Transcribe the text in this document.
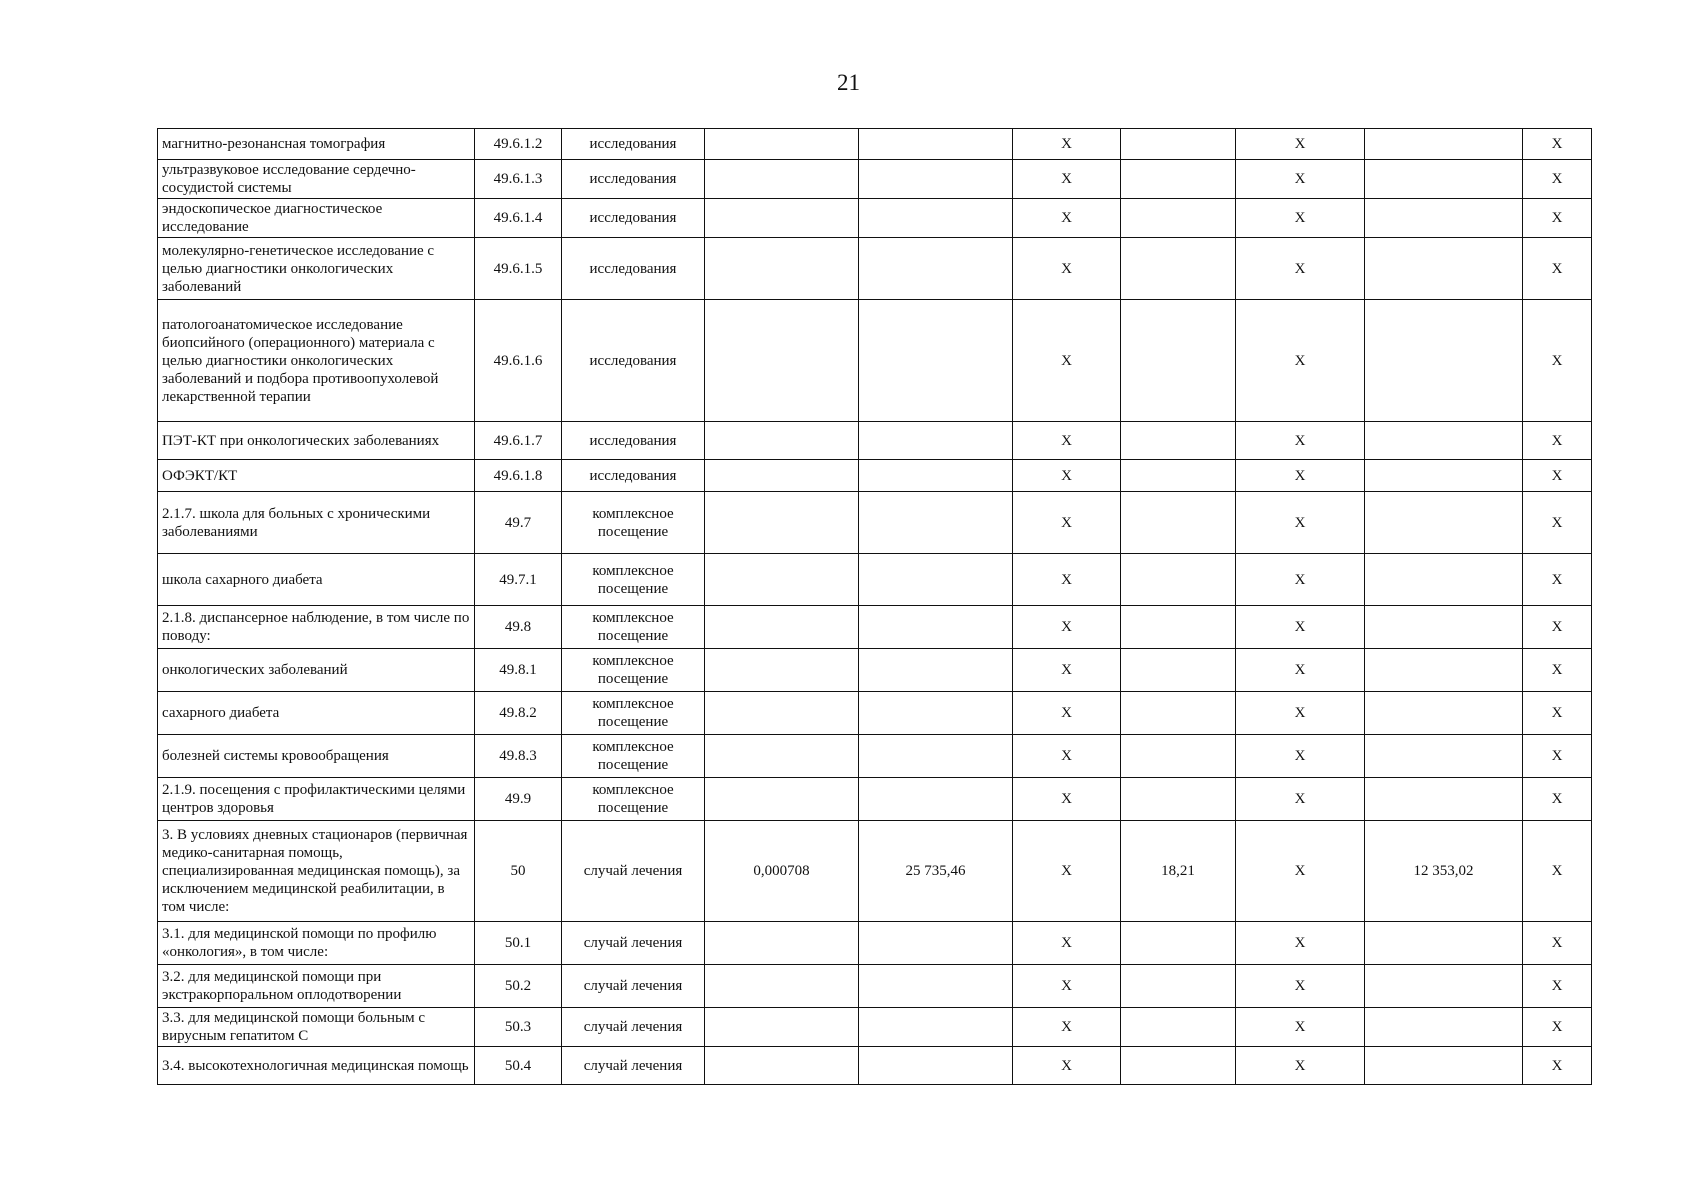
21
магнитно-резонансная томография	49.6.1.2	исследования			X		X		X
ультразвуковое исследование сердечно-сосудистой системы	49.6.1.3	исследования			X		X		X
эндоскопическое диагностическое исследование	49.6.1.4	исследования			X		X		X
молекулярно-генетическое исследование с целью диагностики онкологических заболеваний	49.6.1.5	исследования			X		X		X
патологоанатомическое исследование биопсийного (операционного) материала с целью диагностики онкологических заболеваний и подбора противоопухолевой лекарственной терапии	49.6.1.6	исследования			X		X		X
ПЭТ-КТ при онкологических заболеваниях	49.6.1.7	исследования			X		X		X
ОФЭКТ/КТ	49.6.1.8	исследования			X		X		X
2.1.7. школа для больных с хроническими заболеваниями	49.7	комплексное посещение			X		X		X
школа сахарного диабета	49.7.1	комплексное посещение			X		X		X
2.1.8. диспансерное наблюдение, в том числе по поводу:	49.8	комплексное посещение			X		X		X
онкологических заболеваний	49.8.1	комплексное посещение			X		X		X
сахарного диабета	49.8.2	комплексное посещение			X		X		X
болезней системы кровообращения	49.8.3	комплексное посещение			X		X		X
2.1.9. посещения с профилактическими целями центров здоровья	49.9	комплексное посещение			X		X		X
3. В условиях дневных стационаров (первичная медико-санитарная помощь, специализированная медицинская помощь), за исключением медицинской реабилитации, в том числе:	50	случай лечения	0,000708	25 735,46	X	18,21	X	12 353,02	X
3.1. для медицинской помощи по профилю «онкология», в том числе:	50.1	случай лечения			X		X		X
3.2. для медицинской помощи при экстракорпоральном оплодотворении	50.2	случай лечения			X		X		X
3.3. для медицинской помощи больным с вирусным гепатитом С	50.3	случай лечения			X		X		X
3.4. высокотехнологичная медицинская помощь	50.4	случай лечения			X		X		X
